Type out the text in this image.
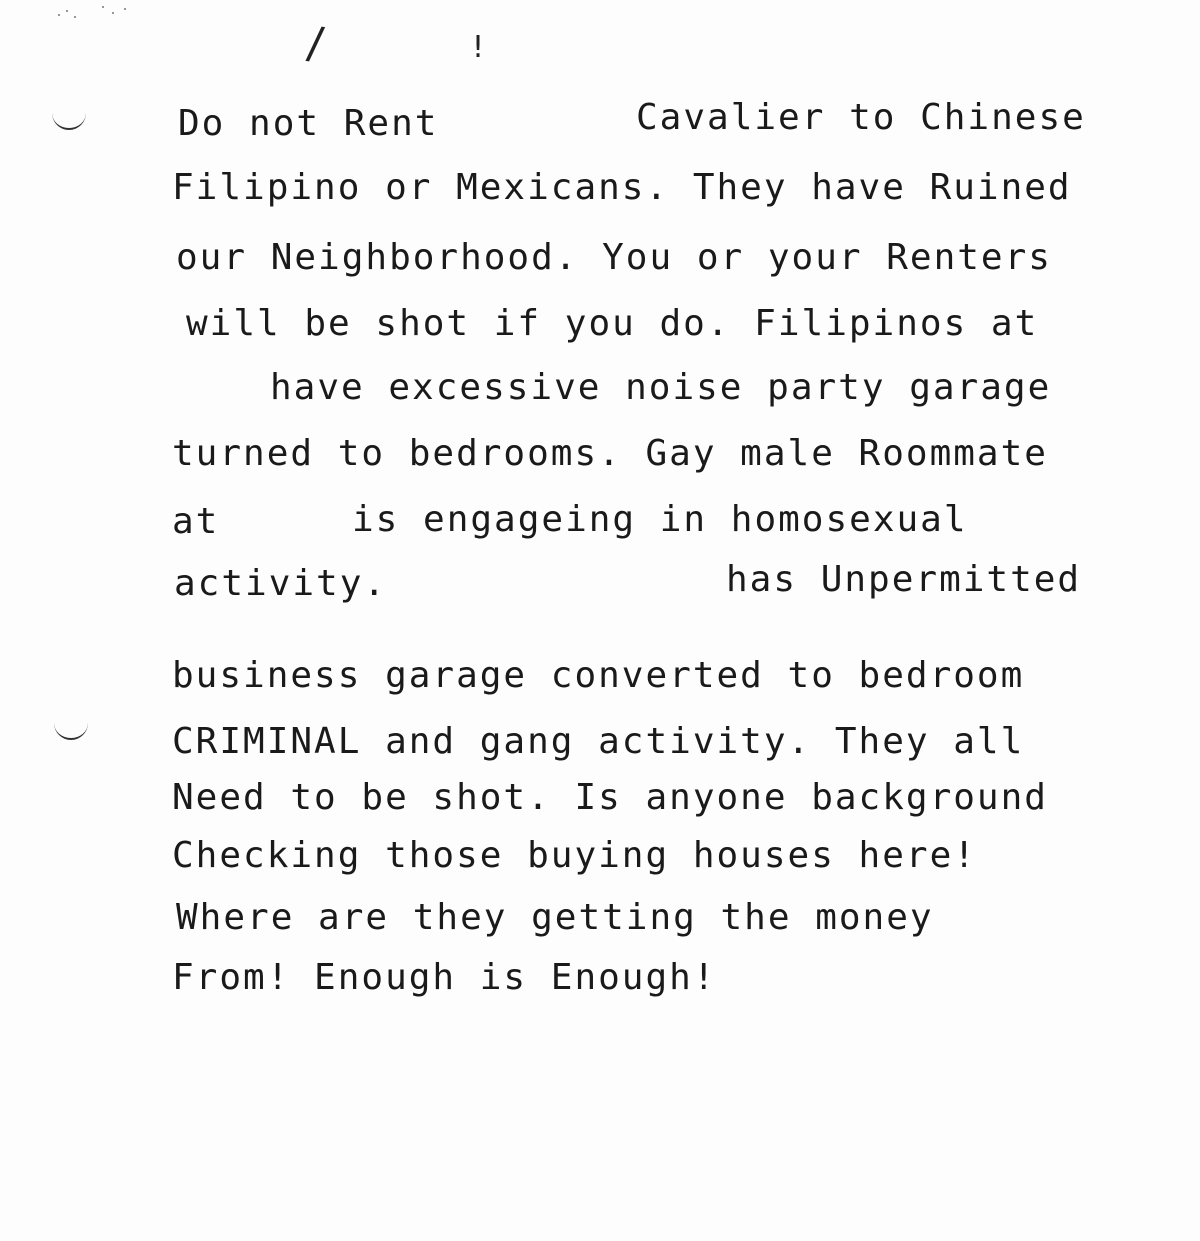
/	!
Do not Rent	Cavalier to Chinese
Filipino or Mexicans. They have Ruined
our Neighborhood. You or your Renters
will be shot if you do. Filipinos at
have excessive noise party garage
turned to bedrooms. Gay male Roommate
at	is engageing in homosexual
activity.	has Unpermitted
business garage converted to bedroom
CRIMINAL and gang activity. They all
Need to be shot. Is anyone background
Checking those buying houses here!
Where are they getting the money
From! Enough is Enough!
